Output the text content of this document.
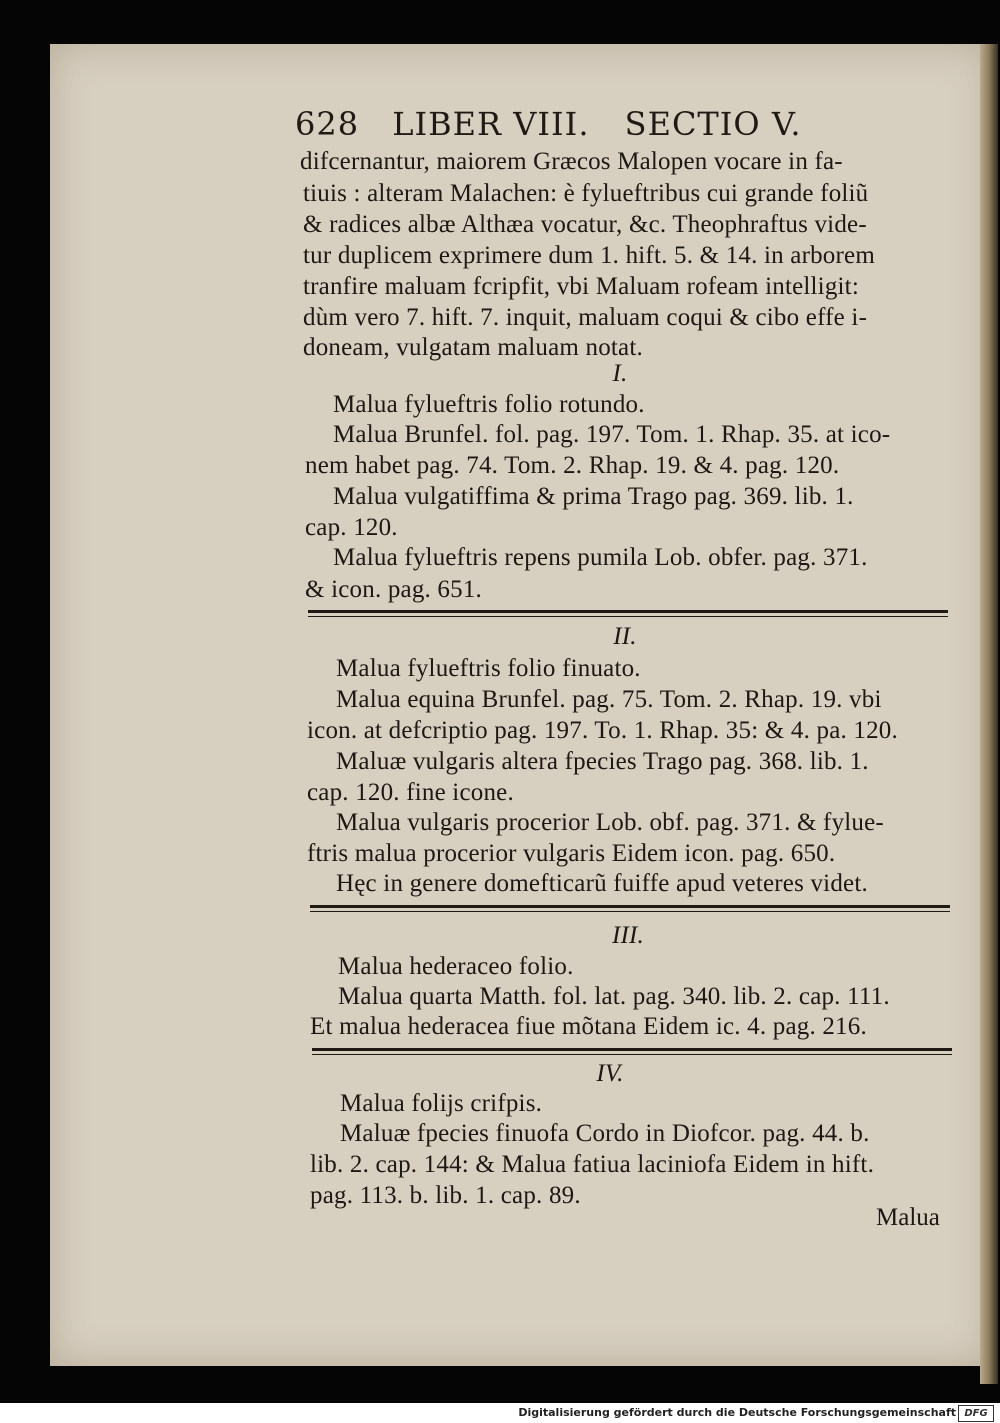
628 LIBER VIII. SECTIO V.
difcernantur, maiorem Græcos Malopen vocare in fa-
tiuis : alteram Malachen: è fylueftribus cui grande foliũ
& radices albæ Althæa vocatur, &c. Theophraftus vide-
tur duplicem exprimere dum 1. hift. 5. & 14. in arborem
tranfire maluam fcripfit, vbi Maluam rofeam intelligit:
dùm vero 7. hift. 7. inquit, maluam coqui & cibo effe i-
doneam, vulgatam maluam notat.
I.
Malua fylueftris folio rotundo.
Malua Brunfel. fol. pag. 197. Tom. 1. Rhap. 35. at ico-
nem habet pag. 74. Tom. 2. Rhap. 19. & 4. pag. 120.
Malua vulgatiffima & prima Trago pag. 369. lib. 1.
cap. 120.
Malua fylueftris repens pumila Lob. obfer. pag. 371.
& icon. pag. 651.
II.
Malua fylueftris folio finuato.
Malua equina Brunfel. pag. 75. Tom. 2. Rhap. 19. vbi
icon. at defcriptio pag. 197. To. 1. Rhap. 35: & 4. pa. 120.
Maluæ vulgaris altera fpecies Trago pag. 368. lib. 1.
cap. 120. fine icone.
Malua vulgaris procerior Lob. obf. pag. 371. & fylue-
ftris malua procerior vulgaris Eidem icon. pag. 650.
Hęc in genere domefticarũ fuiffe apud veteres videt.
III.
Malua hederaceo folio.
Malua quarta Matth. fol. lat. pag. 340. lib. 2. cap. 111.
Et malua hederacea fiue mõtana Eidem ic. 4. pag. 216.
IV.
Malua folijs crifpis.
Maluæ fpecies finuofa Cordo in Diofcor. pag. 44. b.
lib. 2. cap. 144: & Malua fatiua laciniofa Eidem in hift.
pag. 113. b. lib. 1. cap. 89.
Malua
Digitalisierung gefördert durch die Deutsche Forschungsgemeinschaft DFG
